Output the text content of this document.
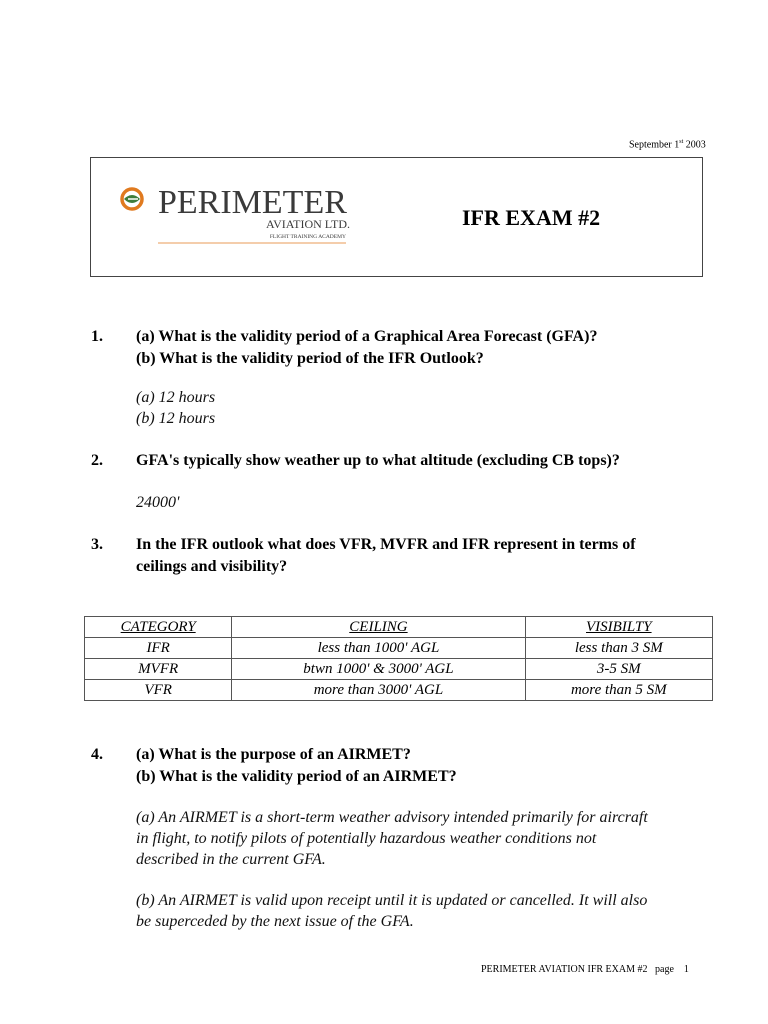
September 1st 2003
PERIMETER
AVIATION LTD.
FLIGHT TRAINING ACADEMY
IFR EXAM #2
1.	(a) What is the validity period of a Graphical Area Forecast (GFA)?
(b) What is the validity period of the IFR Outlook?
(a) 12 hours
(b) 12 hours
2.	GFA's typically show weather up to what altitude (excluding CB tops)?
24000'
3.	In the IFR outlook what does VFR, MVFR and IFR represent in terms of
ceilings and visibility?
CATEGORY	CEILING	VISIBILTY
IFR	less than 1000' AGL	less than 3 SM
MVFR	btwn 1000' & 3000' AGL	3-5 SM
VFR	more than 3000' AGL	more than 5 SM
4.	(a) What is the purpose of an AIRMET?
(b) What is the validity period of an AIRMET?
(a) An AIRMET is a short-term weather advisory intended primarily for aircraft
in flight, to notify pilots of potentially hazardous weather conditions not
described in the current GFA.
(b) An AIRMET is valid upon receipt until it is updated or cancelled. It will also
be superceded by the next issue of the GFA.
PERIMETER AVIATION IFR EXAM #2 page 1
